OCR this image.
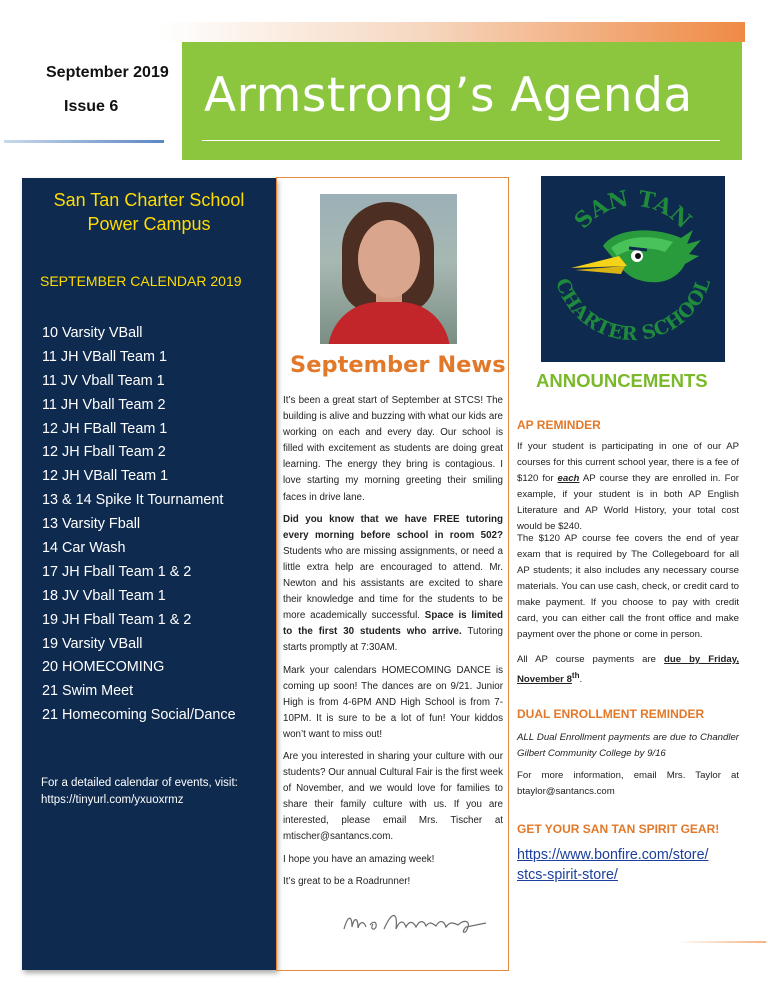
September 2019
Issue 6 Armstrong’s Agenda
San Tan Charter School
Power Campus
SEPTEMBER CALENDAR 2019
10 Varsity VBall
11 JH VBall Team 1
11 JV Vball Team 1
11 JH Vball Team 2
12 JH FBall Team 1
12 JH Fball Team 2
12 JH VBall Team 1
13 & 14 Spike It Tournament
13 Varsity Fball
14 Car Wash
17 JH Fball Team 1 & 2
18 JV Vball Team 1
19 JH Fball Team 1 & 2
19 Varsity VBall
20 HOMECOMING
21 Swim Meet
21 Homecoming Social/Dance
For a detailed calendar of events, visit:
https://tinyurl.com/yxuoxrmz
September News

It’s been a great start of September at STCS! The building is alive and buzzing with what our kids are working on each and every day. Our school is filled with excitement as students are doing great learning. The energy they bring is contagious. I love starting my morning greeting their smiling faces in drive lane.

Did you know that we have FREE tutoring every morning before school in room 502? Students who are missing assignments, or need a little extra help are encouraged to attend. Mr. Newton and his assistants are excited to share their knowledge and time for the students to be more academically successful. Space is limited to the first 30 students who arrive. Tutoring starts promptly at 7:30AM.

Mark your calendars HOMECOMING DANCE is coming up soon! The dances are on 9/21. Junior High is from 4-6PM AND High School is from 7-10PM. It is sure to be a lot of fun! Your kiddos won’t want to miss out!

Are you interested in sharing your culture with our students? Our annual Cultural Fair is the first week of November, and we would love for families to share their family culture with us. If you are interested, please email Mrs. Tischer at mtischer@santancs.com.

I hope you have an amazing week!

It’s great to be a Roadrunner!

SAN TAN
CHARTER SCHOOL
ANNOUNCEMENTS
AP REMINDER
If your student is participating in one of our AP courses for this current school year, there is a fee of $120 for each AP course they are enrolled in. For example, if your student is in both AP English Literature and AP World History, your total cost would be $240.
The $120 AP course fee covers the end of year exam that is required by The Collegeboard for all AP students; it also includes any necessary course materials. You can use cash, check, or credit card to make payment. If you choose to pay with credit card, you can either call the front office and make payment over the phone or come in person.
All AP course payments are due by Friday, November 8th.
DUAL ENROLLMENT REMINDER
ALL Dual Enrollment payments are due to Chandler Gilbert Community College by 9/16
For more information, email Mrs. Taylor at btaylor@santancs.com
GET YOUR SAN TAN SPIRIT GEAR!
https://www.bonfire.com/store/
stcs-spirit-store/
